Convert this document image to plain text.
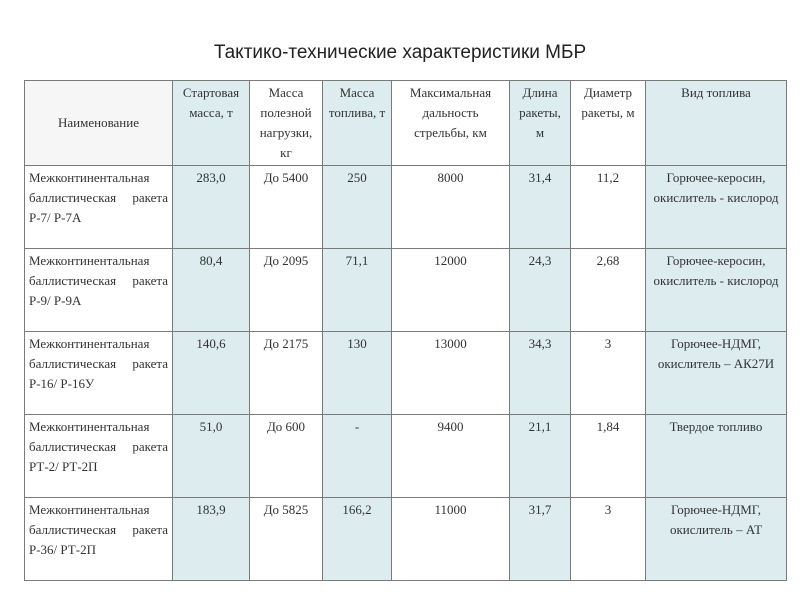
Тактико-технические характеристики МБР
Наименование	Стартовая масса, т	Масса полезной нагрузки, кг	Масса топлива, т	Максимальная дальность стрельбы, км	Длина ракеты, м	Диаметр ракеты, м	Вид топлива
Межконтинентальная баллистическая ракета Р-7/ Р-7А	283,0	До 5400	250	8000	31,4	11,2	Горючее-керосин, окислитель - кислород
Межконтинентальная баллистическая ракета Р-9/ Р-9А	80,4	До 2095	71,1	12000	24,3	2,68	Горючее-керосин, окислитель - кислород
Межконтинентальная баллистическая ракета Р-16/ Р-16У	140,6	До 2175	130	13000	34,3	3	Горючее-НДМГ, окислитель – АК27И
Межконтинентальная баллистическая ракета РТ-2/ РТ-2П	51,0	До 600	-	9400	21,1	1,84	Твердое топливо
Межконтинентальная баллистическая ракета Р-36/ РТ-2П	183,9	До 5825	166,2	11000	31,7	3	Горючее-НДМГ, окислитель – АТ
